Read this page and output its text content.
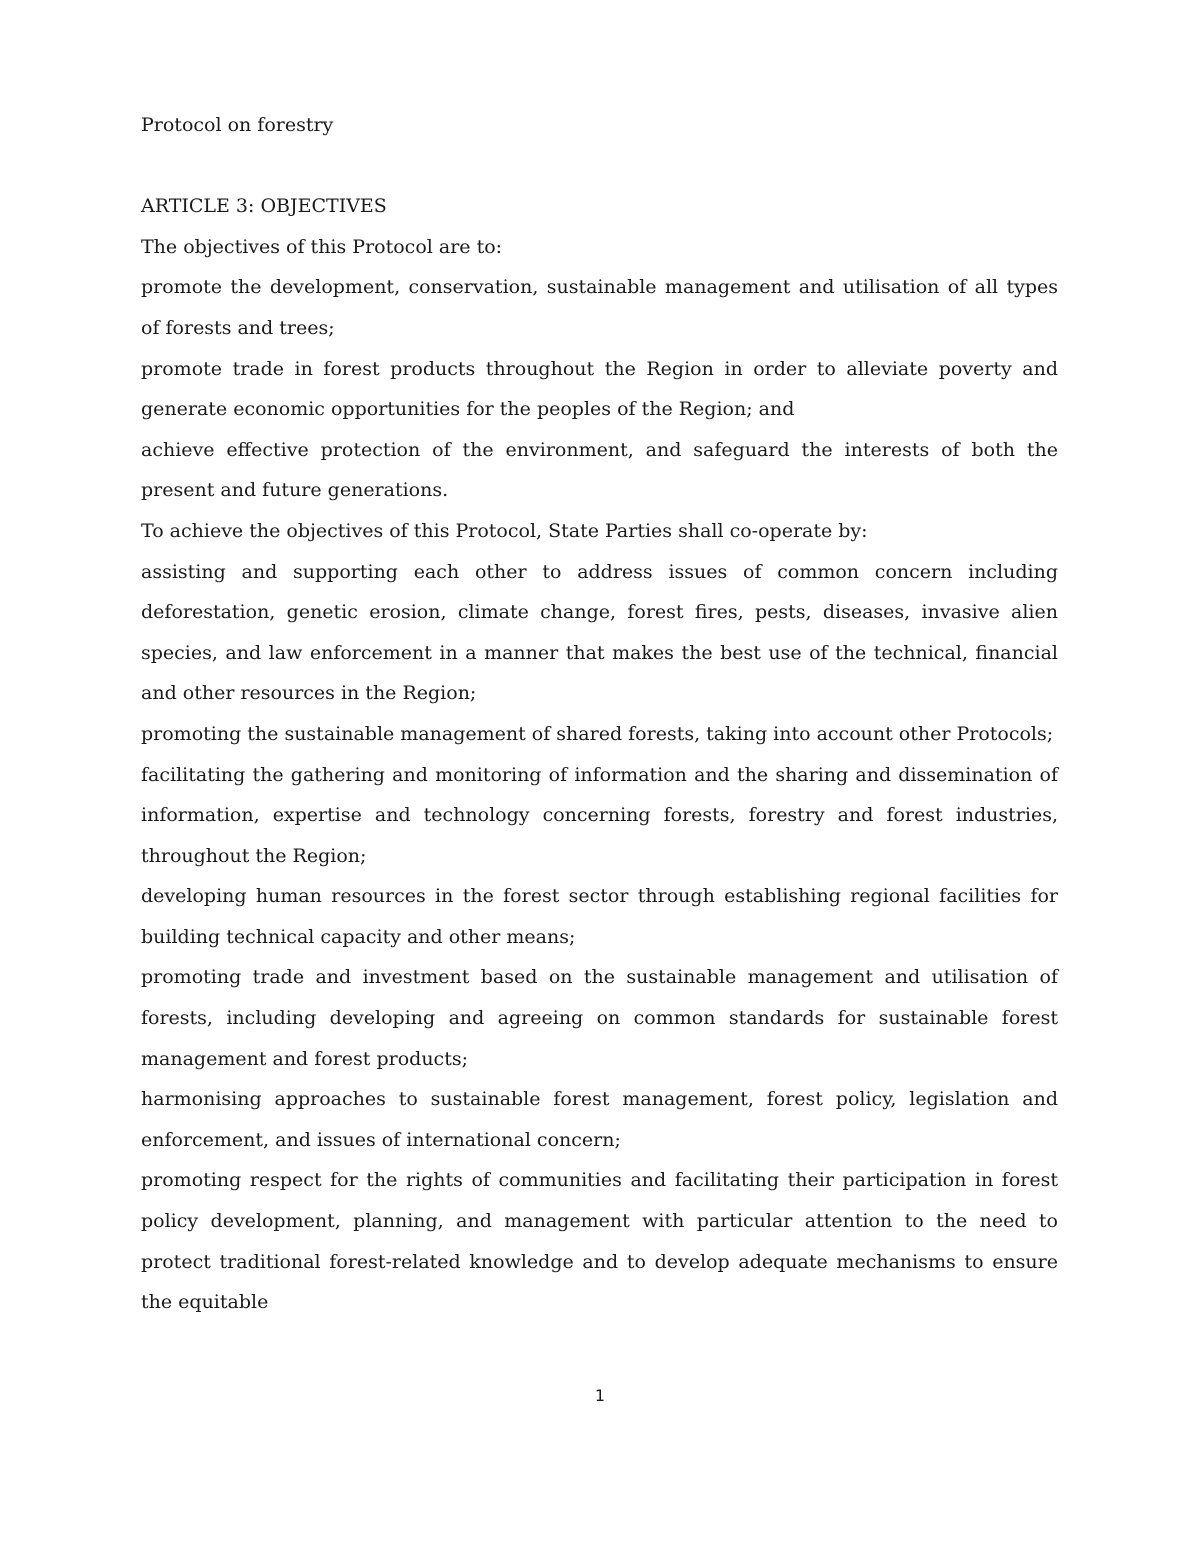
Protocol on forestry
ARTICLE 3: OBJECTIVES

The objectives of this Protocol are to:

promote the development, conservation, sustainable management and utilisation of all types of forests and trees;

promote trade in forest products throughout the Region in order to alleviate poverty and generate economic opportunities for the peoples of the Region; and

achieve effective protection of the environment, and safeguard the interests of both the present and future generations.

To achieve the objectives of this Protocol, State Parties shall co-operate by:

assisting and supporting each other to address issues of common concern including deforestation, genetic erosion, climate change, forest fires, pests, diseases, invasive alien species, and law enforcement in a manner that makes the best use of the technical, financial and other resources in the Region;

promoting the sustainable management of shared forests, taking into account other Protocols;

facilitating the gathering and monitoring of information and the sharing and dissemination of information, expertise and technology concerning forests, forestry and forest industries, throughout the Region;

developing human resources in the forest sector through establishing regional facilities for building technical capacity and other means;

promoting trade and investment based on the sustainable management and utilisation of forests, including developing and agreeing on common standards for sustainable forest management and forest products;

harmonising approaches to sustainable forest management, forest policy, legislation and enforcement, and issues of international concern;

promoting respect for the rights of communities and facilitating their participation in forest policy development, planning, and management with particular attention to the need to protect traditional forest-related knowledge and to develop adequate mechanisms to ensure the equitable

1
